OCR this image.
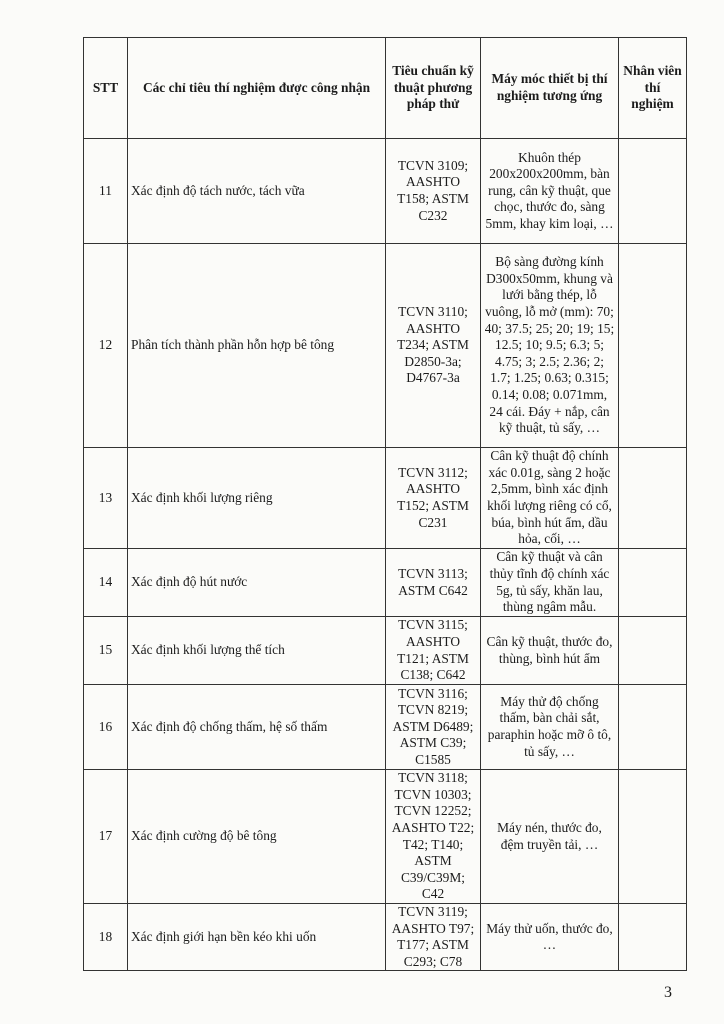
STT	Các chỉ tiêu thí nghiệm được công nhận	Tiêu chuẩn kỹ thuật phương pháp thử	Máy móc thiết bị thí nghiệm tương ứng	Nhân viên thí nghiệm
11	Xác định độ tách nước, tách vữa	TCVN 3109; AASHTO T158; ASTM C232	Khuôn thép 200x200x200mm, bàn rung, cân kỹ thuật, que chọc, thước đo, sàng 5mm, khay kim loại, …	
12	Phân tích thành phần hỗn hợp bê tông	TCVN 3110; AASHTO T234; ASTM D2850-3a; D4767-3a	Bộ sàng đường kính D300x50mm, khung và lưới bằng thép, lỗ vuông, lỗ mở (mm): 70; 40; 37.5; 25; 20; 19; 15; 12.5; 10; 9.5; 6.3; 5; 4.75; 3; 2.5; 2.36; 2; 1.7; 1.25; 0.63; 0.315; 0.14; 0.08; 0.071mm, 24 cái. Đáy + nắp, cân kỹ thuật, tủ sấy, …	
13	Xác định khối lượng riêng	TCVN 3112; AASHTO T152; ASTM C231	Cân kỹ thuật độ chính xác 0.01g, sàng 2 hoặc 2,5mm, bình xác định khối lượng riêng có cổ, búa, bình hút ẩm, dầu hỏa, cối, …	
14	Xác định độ hút nước	TCVN 3113; ASTM C642	Cân kỹ thuật và cân thủy tĩnh độ chính xác 5g, tủ sấy, khăn lau, thùng ngâm mẫu.	
15	Xác định khối lượng thể tích	TCVN 3115; AASHTO T121; ASTM C138; C642	Cân kỹ thuật, thước đo, thùng, bình hút ẩm	
16	Xác định độ chống thấm, hệ số thấm	TCVN 3116; TCVN 8219; ASTM D6489; ASTM C39; C1585	Máy thử độ chống thấm, bàn chải sắt, paraphin hoặc mỡ ô tô, tủ sấy, …	
17	Xác định cường độ bê tông	TCVN 3118; TCVN 10303; TCVN 12252; AASHTO T22; T42; T140; ASTM C39/C39M; C42	Máy nén, thước đo, đệm truyền tải, …	
18	Xác định giới hạn bền kéo khi uốn	TCVN 3119; AASHTO T97; T177; ASTM C293; C78	Máy thử uốn, thước đo, …	
3
